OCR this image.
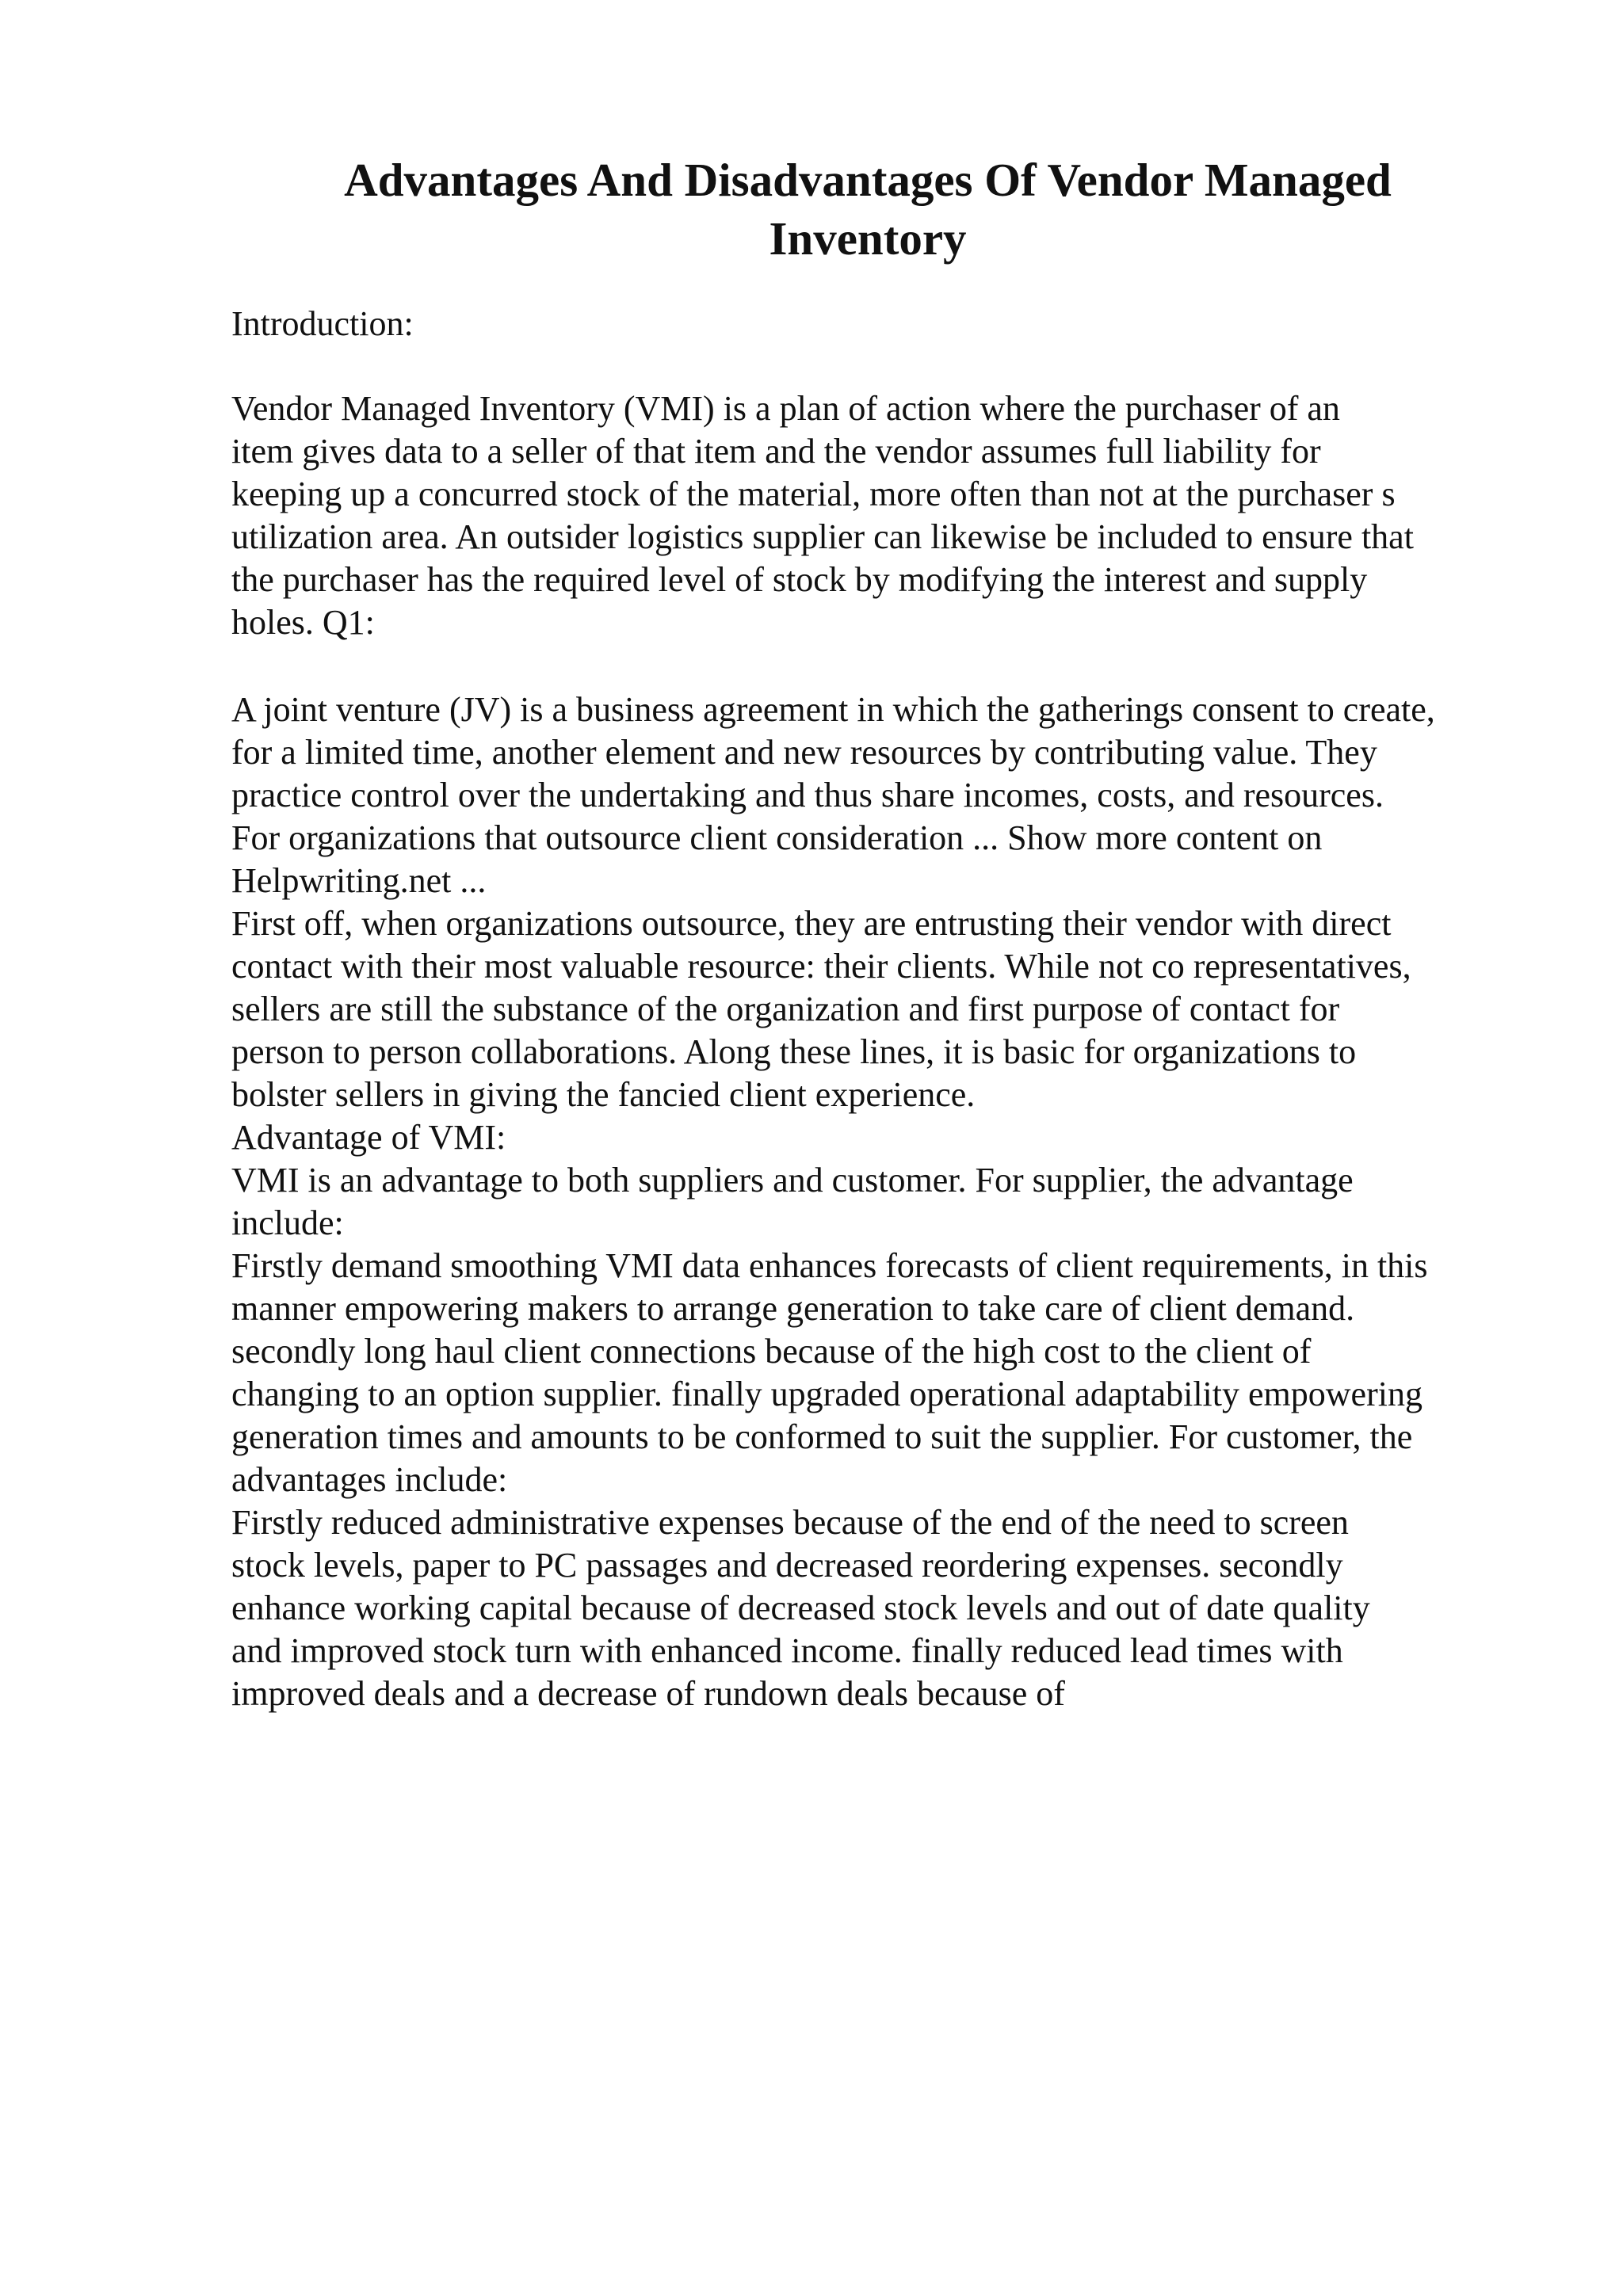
Advantages And Disadvantages Of Vendor Managed
Inventory
Introduction:
Vendor Managed Inventory (VMI) is a plan of action where the purchaser of an
item gives data to a seller of that item and the vendor assumes full liability for
keeping up a concurred stock of the material, more often than not at the purchaser s
utilization area. An outsider logistics supplier can likewise be included to ensure that
the purchaser has the required level of stock by modifying the interest and supply
holes. Q1:
A joint venture (JV) is a business agreement in which the gatherings consent to create,
for a limited time, another element and new resources by contributing value. They
practice control over the undertaking and thus share incomes, costs, and resources.
For organizations that outsource client consideration ... Show more content on
Helpwriting.net ...
First off, when organizations outsource, they are entrusting their vendor with direct
contact with their most valuable resource: their clients. While not co representatives,
sellers are still the substance of the organization and first purpose of contact for
person to person collaborations. Along these lines, it is basic for organizations to
bolster sellers in giving the fancied client experience.
Advantage of VMI:
VMI is an advantage to both suppliers and customer. For supplier, the advantage
include:
Firstly demand smoothing VMI data enhances forecasts of client requirements, in this
manner empowering makers to arrange generation to take care of client demand.
secondly long haul client connections because of the high cost to the client of
changing to an option supplier. finally upgraded operational adaptability empowering
generation times and amounts to be conformed to suit the supplier. For customer, the
advantages include:
Firstly reduced administrative expenses because of the end of the need to screen
stock levels, paper to PC passages and decreased reordering expenses. secondly
enhance working capital because of decreased stock levels and out of date quality
and improved stock turn with enhanced income. finally reduced lead times with
improved deals and a decrease of rundown deals because of
